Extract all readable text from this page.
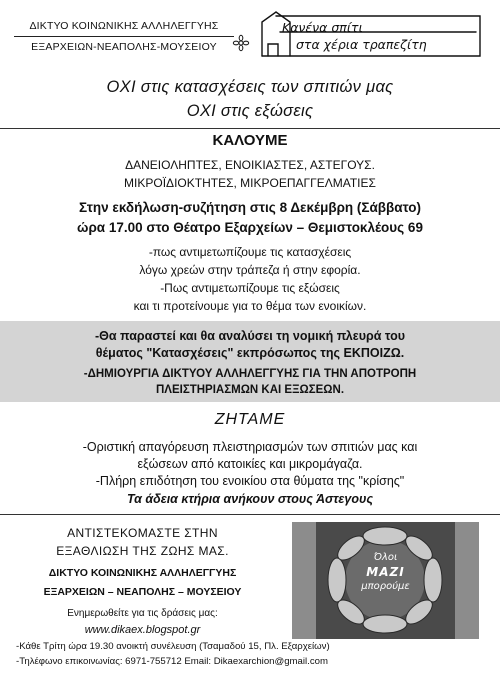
ΔΙΚΤΥΟ ΚΟΙΝΩΝΙΚΗΣ ΑΛΛΗΛΕΓΓΥΗΣ
ΕΞΑΡΧΕΙΩΝ-ΝΕΑΠΟΛΗΣ-ΜΟΥΣΕΙΟΥ
Κανένα σπίτι
στα χέρια τραπεζίτη
ΟΧΙ στις κατασχέσεις των σπιτιών μας
ΟΧΙ στις εξώσεις
ΚΑΛΟΥΜΕ
ΔΑΝΕΙΟΛΗΠΤΕΣ, ΕΝΟΙΚΙΑΣΤΕΣ, ΑΣΤΕΓΟΥΣ.
ΜΙΚΡΟΪΔΙΟΚΤΗΤΕΣ, ΜΙΚΡΟΕΠΑΓΓΕΛΜΑΤΙΕΣ
Στην εκδήλωση-συζήτηση στις 8 Δεκέμβρη (Σάββατο)
ώρα 17.00 στο Θέατρο Εξαρχείων – Θεμιστοκλέους 69
-πως αντιμετωπίζουμε τις κατασχέσεις
λόγω χρεών στην τράπεζα ή στην εφορία.
-Πως αντιμετωπίζουμε τις εξώσεις
και τι προτείνουμε για το θέμα των ενοικίων.
-Θα παραστεί και θα αναλύσει τη νομική πλευρά του
θέματος "Κατασχέσεις" εκπρόσωπος της ΕΚΠΟΙΖΩ.
-ΔΗΜΙΟΥΡΓΙΑ ΔΙΚΤΥΟΥ ΑΛΛΗΛΕΓΓΥΗΣ ΓΙΑ ΤΗΝ ΑΠΟΤΡΟΠΗ
ΠΛΕΙΣΤΗΡΙΑΣΜΩΝ ΚΑΙ ΕΞΩΣΕΩΝ.
ΖΗΤΑΜΕ
-Οριστική απαγόρευση πλειστηριασμών των σπιτιών μας και
εξώσεων από κατοικίες και μικρομάγαζα.
-Πλήρη επιδότηση του ενοικίου στα θύματα της "κρίσης"
Τα άδεια κτήρια ανήκουν στους Άστεγους
ΑΝΤΙΣΤΕΚΟΜΑΣΤΕ ΣΤΗΝ
ΕΞΑΘΛΙΩΣΗ ΤΗΣ ΖΩΗΣ ΜΑΣ.
ΔΙΚΤΥΟ ΚΟΙΝΩΝΙΚΗΣ ΑΛΛΗΛΕΓΓΥΗΣ
ΕΞΑΡΧΕΙΩΝ – ΝΕΑΠΟΛΗΣ – ΜΟΥΣΕΙΟΥ
Ενημερωθείτε για τις δράσεις μας:
www.dikaex.blogspot.gr
Όλοι
ΜΑΖΙ
μπορούμε
-Κάθε Τρίτη ώρα 19.30 ανοικτή συνέλευση (Τσαμαδού 15, Πλ. Εξαρχείων)
-Τηλέφωνο επικοινωνίας: 6971-755712 Email: Dikaexarchion@gmail.com
